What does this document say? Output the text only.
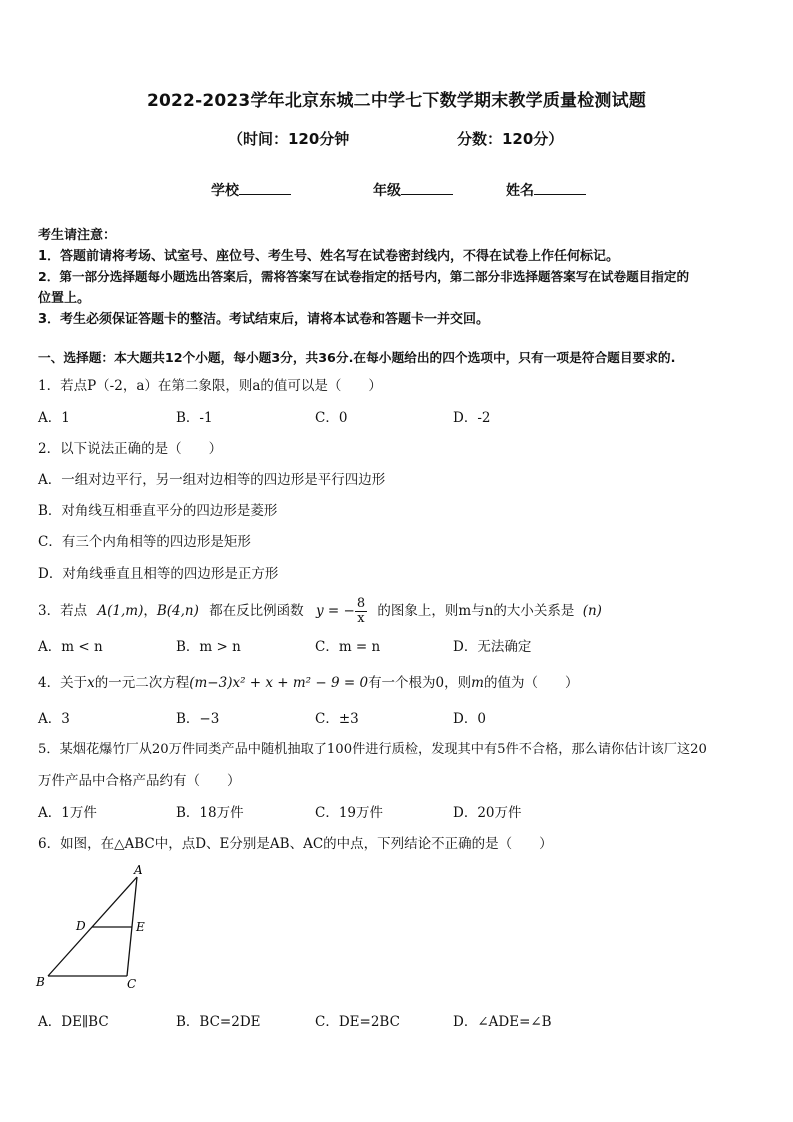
2022-2023学年北京东城二中学七下数学期末教学质量检测试题
（时间：120分钟	分数：120分）
学校	年级	姓名
考生请注意：
1．答题前请将考场、试室号、座位号、考生号、姓名写在试卷密封线内，不得在试卷上作任何标记。
2．第一部分选择题每小题选出答案后，需将答案写在试卷指定的括号内，第二部分非选择题答案写在试卷题目指定的
位置上。
3．考生必须保证答题卡的整洁。考试结束后，请将本试卷和答题卡一并交回。
一、选择题：本大题共12个小题，每小题3分，共36分.在每小题给出的四个选项中，只有一项是符合题目要求的.
1．若点P（-2，a）在第二象限，则a的值可以是（　　）
A．1	B．-1	C．0	D．-2
2．以下说法正确的是（　　）
A．一组对边平行，另一组对边相等的四边形是平行四边形
B．对角线互相垂直平分的四边形是菱形
C．有三个内角相等的四边形是矩形
D．对角线垂直且相等的四边形是正方形
3．若点 A(1,m)，B(4,n) 都在反比例函数 y = − $\frac{8}{x}$ 的图象上，则m与n的大小关系是 (n)
A．m < n	B．m > n	C．m = n	D．无法确定
4．关于x的一元二次方程(m−3)x² + x + m² − 9 = 0有一个根为0，则m的值为（　　）
A．3	B．−3	C．±3	D．0
5．某烟花爆竹厂从20万件同类产品中随机抽取了100件进行质检，发现其中有5件不合格，那么请你估计该厂这20
万件产品中合格产品约有（　　）
A．1万件	B．18万件	C．19万件	D．20万件
6．如图，在△ABC中，点D、E分别是AB、AC的中点，下列结论不正确的是（　　）
A
B	C
D	E
A．DE∥BC	B．BC=2DE	C．DE=2BC	D．∠ADE=∠B
